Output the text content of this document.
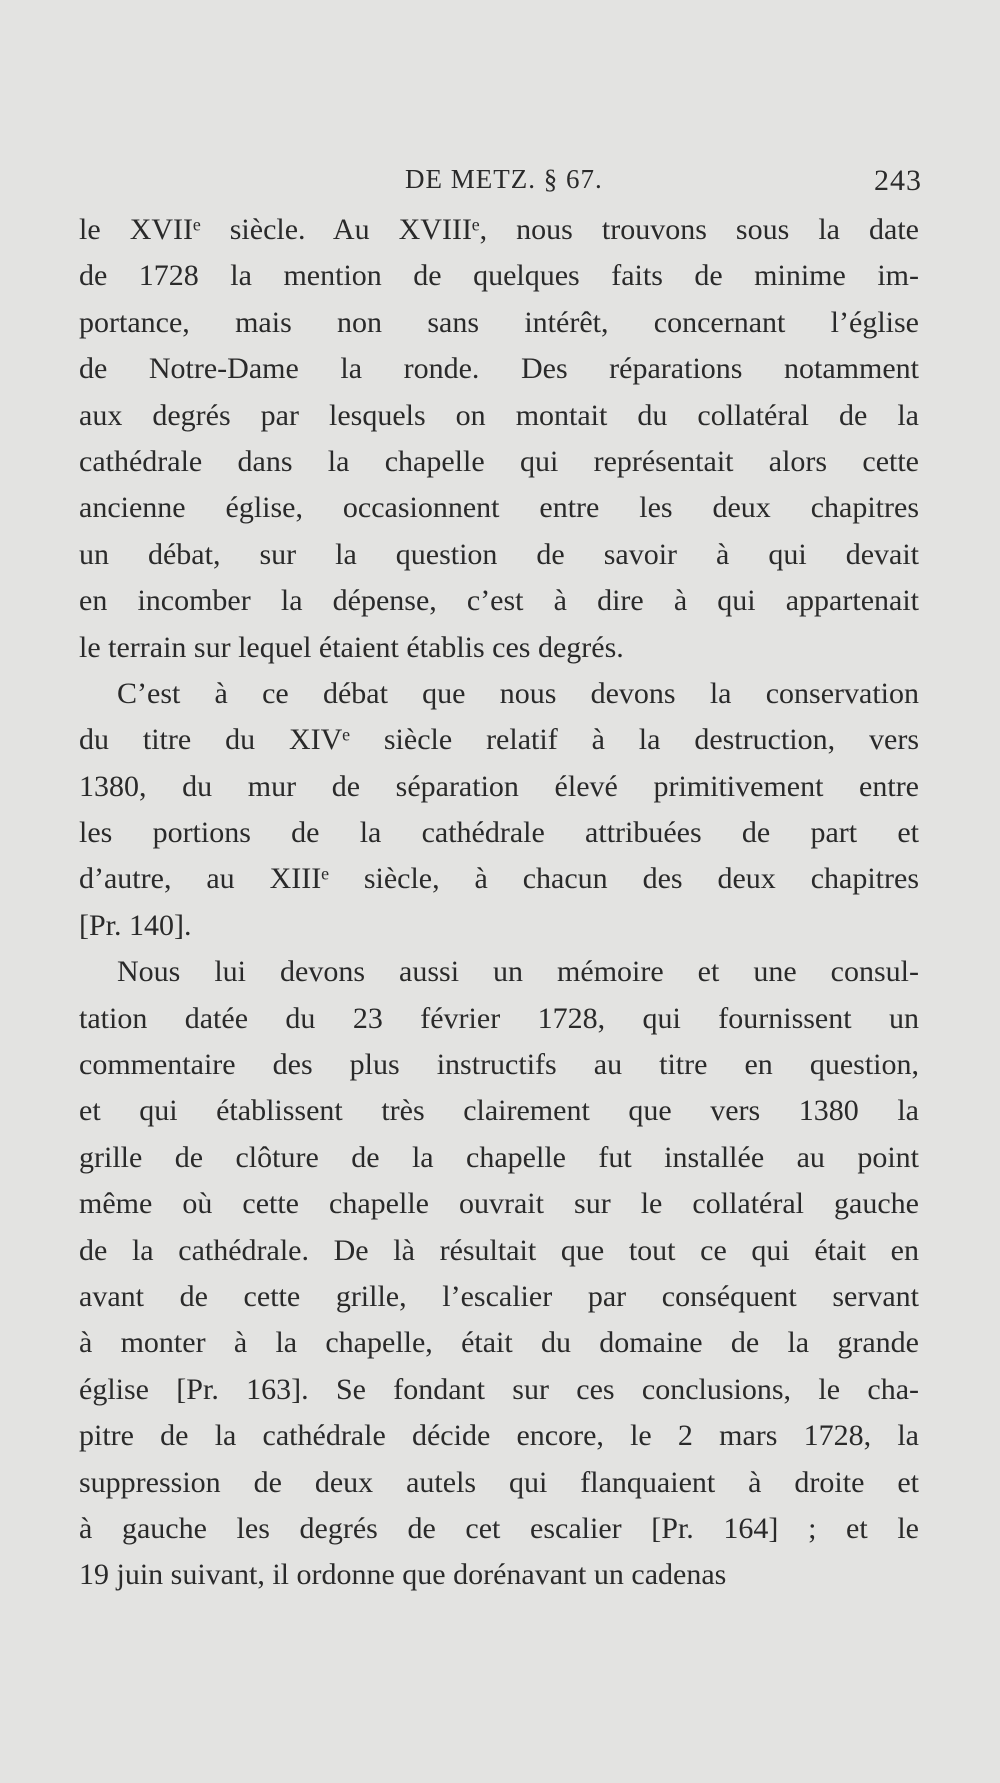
DE METZ. § 67.	243
le XVIIᵉ siècle. Au XVIIIᵉ, nous trouvons sous la date
de 1728 la mention de quelques faits de minime im-
portance, mais non sans intérêt, concernant l’église
de Notre-Dame la ronde. Des réparations notamment
aux degrés par lesquels on montait du collatéral de la
cathédrale dans la chapelle qui représentait alors cette
ancienne église, occasionnent entre les deux chapitres
un débat, sur la question de savoir à qui devait
en incomber la dépense, c’est à dire à qui appartenait
le terrain sur lequel étaient établis ces degrés.
C’est à ce débat que nous devons la conservation
du titre du XIVᵉ siècle relatif à la destruction, vers
1380, du mur de séparation élevé primitivement entre
les portions de la cathédrale attribuées de part et
d’autre, au XIIIᵉ siècle, à chacun des deux chapitres
[Pr. 140].
Nous lui devons aussi un mémoire et une consul-
tation datée du 23 février 1728, qui fournissent un
commentaire des plus instructifs au titre en question,
et qui établissent très clairement que vers 1380 la
grille de clôture de la chapelle fut installée au point
même où cette chapelle ouvrait sur le collatéral gauche
de la cathédrale. De là résultait que tout ce qui était en
avant de cette grille, l’escalier par conséquent servant
à monter à la chapelle, était du domaine de la grande
église [Pr. 163]. Se fondant sur ces conclusions, le cha-
pitre de la cathédrale décide encore, le 2 mars 1728, la
suppression de deux autels qui flanquaient à droite et
à gauche les degrés de cet escalier [Pr. 164] ; et le
19 juin suivant, il ordonne que dorénavant un cadenas
